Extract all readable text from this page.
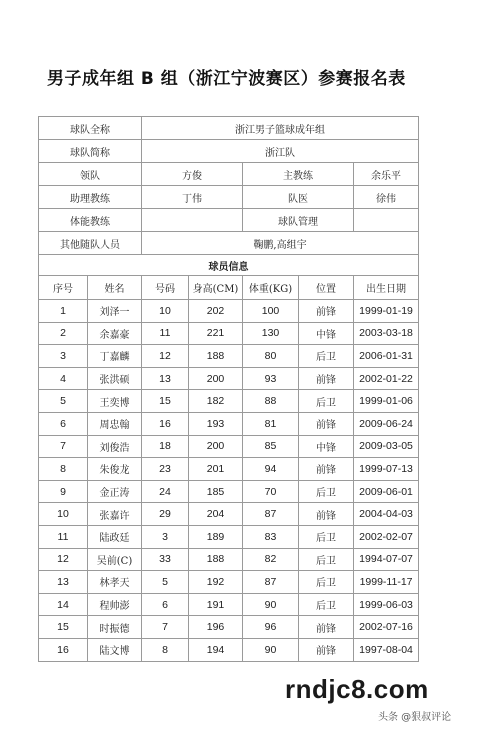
男子成年组 B 组（浙江宁波赛区）参赛报名表
球队全称		浙江男子篮球成年组				
球队简称		浙江队				
领队		方俊		主教练		余乐平
助理教练		丁伟		队医		徐伟
体能教练				球队管理		
其他随队人员		鞠鹏,高组宇				
球员信息						
序号	姓名	号码	身高(CM)	体重(KG)	位置	出生日期
1	刘泽一	10	202	100	前锋	1999-01-19
2	余嘉豪	11	221	130	中锋	2003-03-18
3	丁嘉麟	12	188	80	后卫	2006-01-31
4	张洪硕	13	200	93	前锋	2002-01-22
5	王奕博	15	182	88	后卫	1999-01-06
6	周忠翰	16	193	81	前锋	2009-06-24
7	刘俊浩	18	200	85	中锋	2009-03-05
8	朱俊龙	23	201	94	前锋	1999-07-13
9	金正涛	24	185	70	后卫	2009-06-01
10	张嘉许	29	204	87	前锋	2004-04-03
11	陆政廷	3	189	83	后卫	2002-02-07
12	吴前(C)	33	188	82	后卫	1994-07-07
13	林孝天	5	192	87	后卫	1999-11-17
14	程帅澎	6	191	90	后卫	1999-06-03
15	时振德	7	196	96	前锋	2002-07-16
16	陆文博	8	194	90	前锋	1997-08-04
rndjc8.com
头条 @狠叔评论
